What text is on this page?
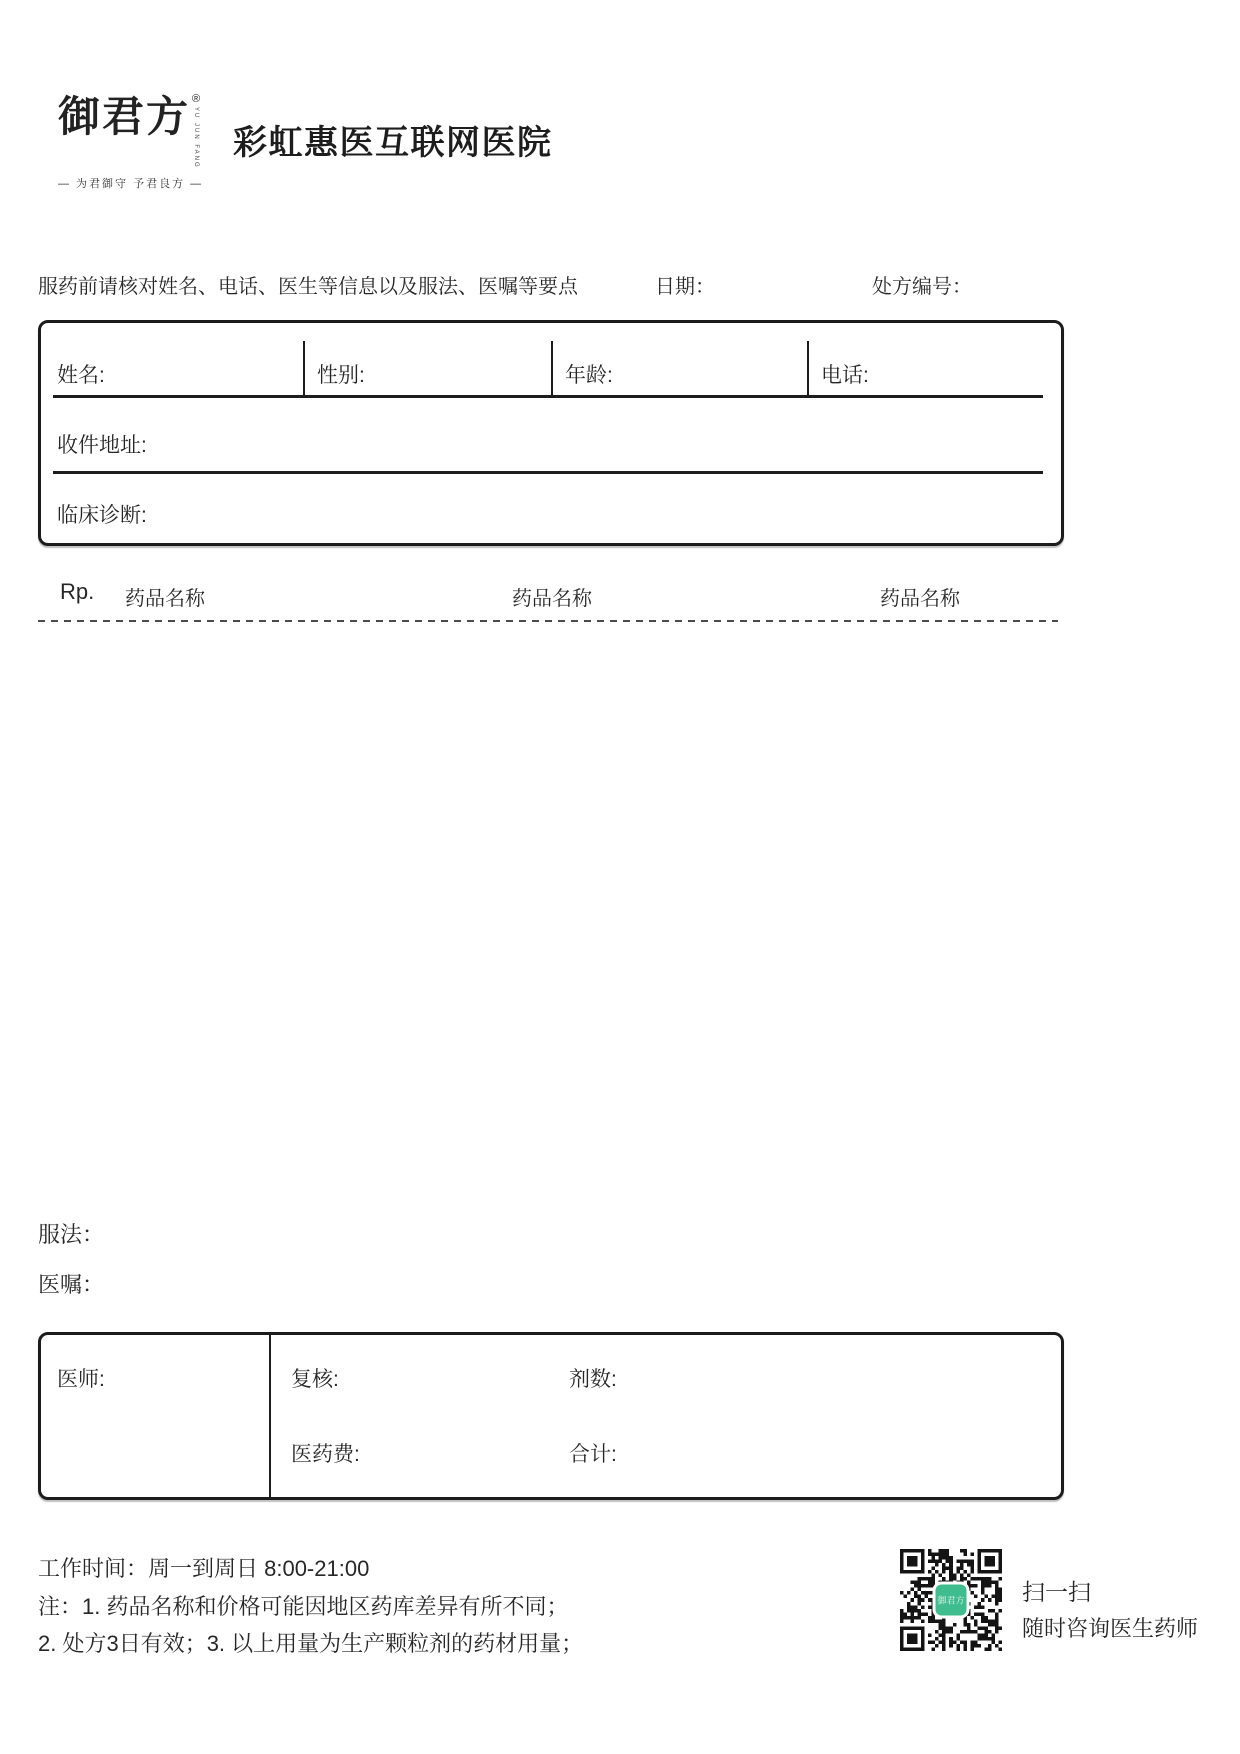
御君方 ®
YU JUN FANG
— 为君御守 予君良方 —
彩虹惠医互联网医院
服药前请核对姓名、电话、医生等信息以及服法、医嘱等要点	日期：	处方编号：
姓名:	性别:	年龄:	电话:
收件地址:
临床诊断:
Rp. 药品名称	药品名称	药品名称
服法：
医嘱：
医师:	复核:	剂数:
医药费:	合计:
工作时间：周一到周日 8:00-21:00
注：1. 药品名称和价格可能因地区药库差异有所不同；
2. 处方3日有效；3. 以上用量为生产颗粒剂的药材用量；
御君方	扫一扫
随时咨询医生药师
